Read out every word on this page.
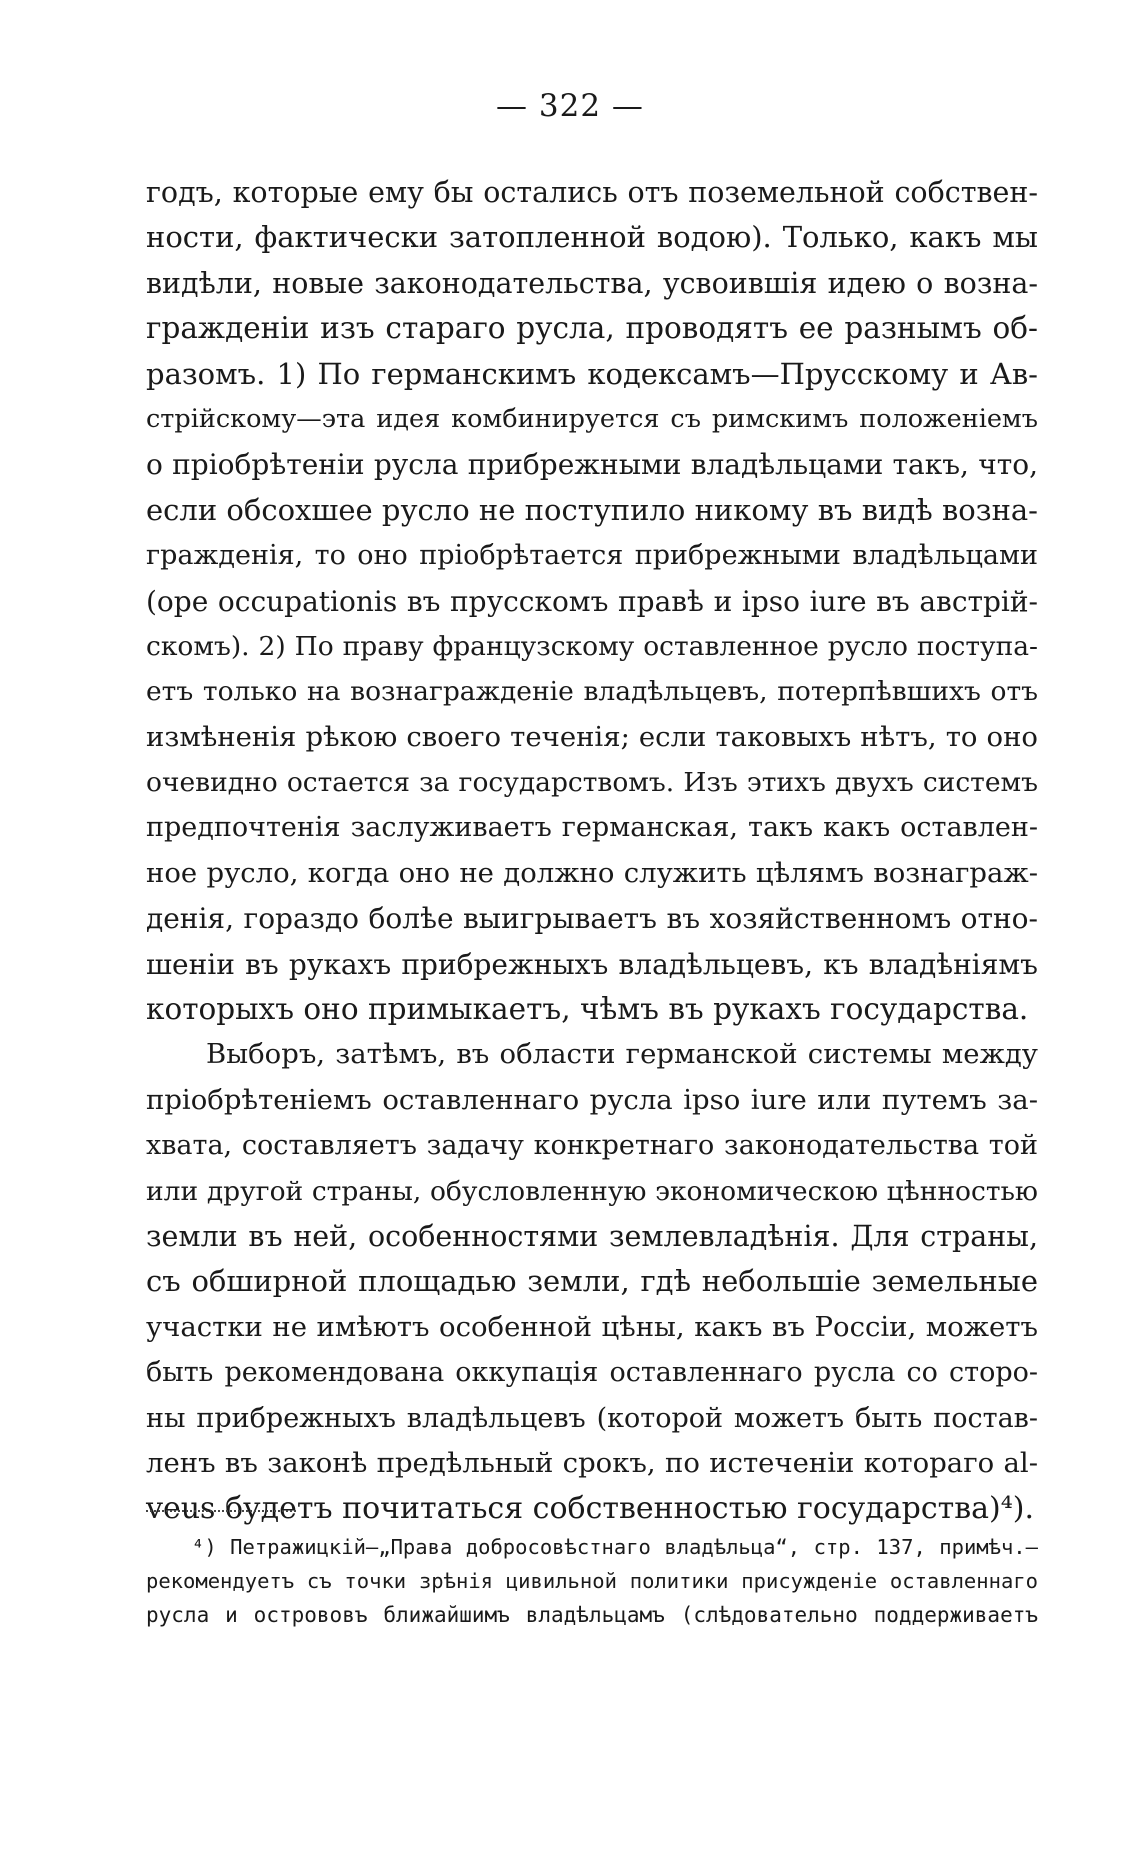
— 322 —
годъ, которые ему бы остались отъ поземельной собствен-
ности, фактически затопленной водою). Только, какъ мы
видѣли, новые законодательства, усвоившія идею о возна-
гражденіи изъ стараго русла, проводятъ ее разнымъ об-
разомъ. 1) По германскимъ кодексамъ—Прусскому и Ав-
стрійскому—эта идея комбинируется съ римскимъ положеніемъ
о пріобрѣтеніи русла прибрежными владѣльцами такъ, что,
если обсохшее русло не поступило никому въ видѣ возна-
гражденія, то оно пріобрѣтается прибрежными владѣльцами
(ope occupationis въ прусскомъ правѣ и ipso iure въ австрій-
скомъ). 2) По праву французскому оставленное русло поступа-
етъ только на вознагражденіе владѣльцевъ, потерпѣвшихъ отъ
измѣненія рѣкою своего теченія; если таковыхъ нѣтъ, то оно
очевидно остается за государствомъ. Изъ этихъ двухъ системъ
предпочтенія заслуживаетъ германская, такъ какъ оставлен-
ное русло, когда оно не должно служить цѣлямъ вознаграж-
денія, гораздо болѣе выигрываетъ въ хозяйственномъ отно-
шеніи въ рукахъ прибрежныхъ владѣльцевъ, къ владѣніямъ
которыхъ оно примыкаетъ, чѣмъ въ рукахъ государства.
Выборъ, затѣмъ, въ области германской системы между
пріобрѣтеніемъ оставленнаго русла ipso iure или путемъ за-
хвата, составляетъ задачу конкретнаго законодательства той
или другой страны, обусловленную экономическою цѣнностью
земли въ ней, особенностями землевладѣнія. Для страны,
съ обширной площадью земли, гдѣ небольшіе земельные
участки не имѣютъ особенной цѣны, какъ въ Россіи, можетъ
быть рекомендована оккупація оставленнаго русла со сторо-
ны прибрежныхъ владѣльцевъ (которой можетъ быть постав-
ленъ въ законѣ предѣльный срокъ, по истеченіи котораго al-
veus будетъ почитаться собственностью государства)⁴).
⁴) Петражицкій—„Права добросовѣстнаго владѣльца“, стр. 137, примѣч.—
рекомендуетъ съ точки зрѣнія цивильной политики присужденіе оставленнаго
русла и острововъ ближайшимъ владѣльцамъ (слѣдовательно поддерживаетъ
